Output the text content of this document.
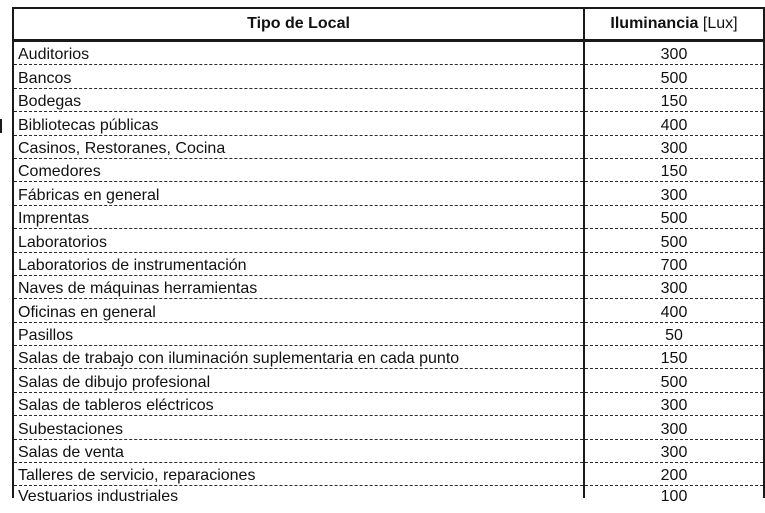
Tipo de Local	Iluminancia [Lux]
Auditorios	300
Bancos	500
Bodegas	150
Bibliotecas públicas	400
Casinos, Restoranes, Cocina	300
Comedores	150
Fábricas en general	300
Imprentas	500
Laboratorios	500
Laboratorios de instrumentación	700
Naves de máquinas herramientas	300
Oficinas en general	400
Pasillos	50
Salas de trabajo con iluminación suplementaria en cada punto	150
Salas de dibujo profesional	500
Salas de tableros eléctricos	300
Subestaciones	300
Salas de venta	300
Talleres de servicio, reparaciones	200

Vestuarios industriales	100
